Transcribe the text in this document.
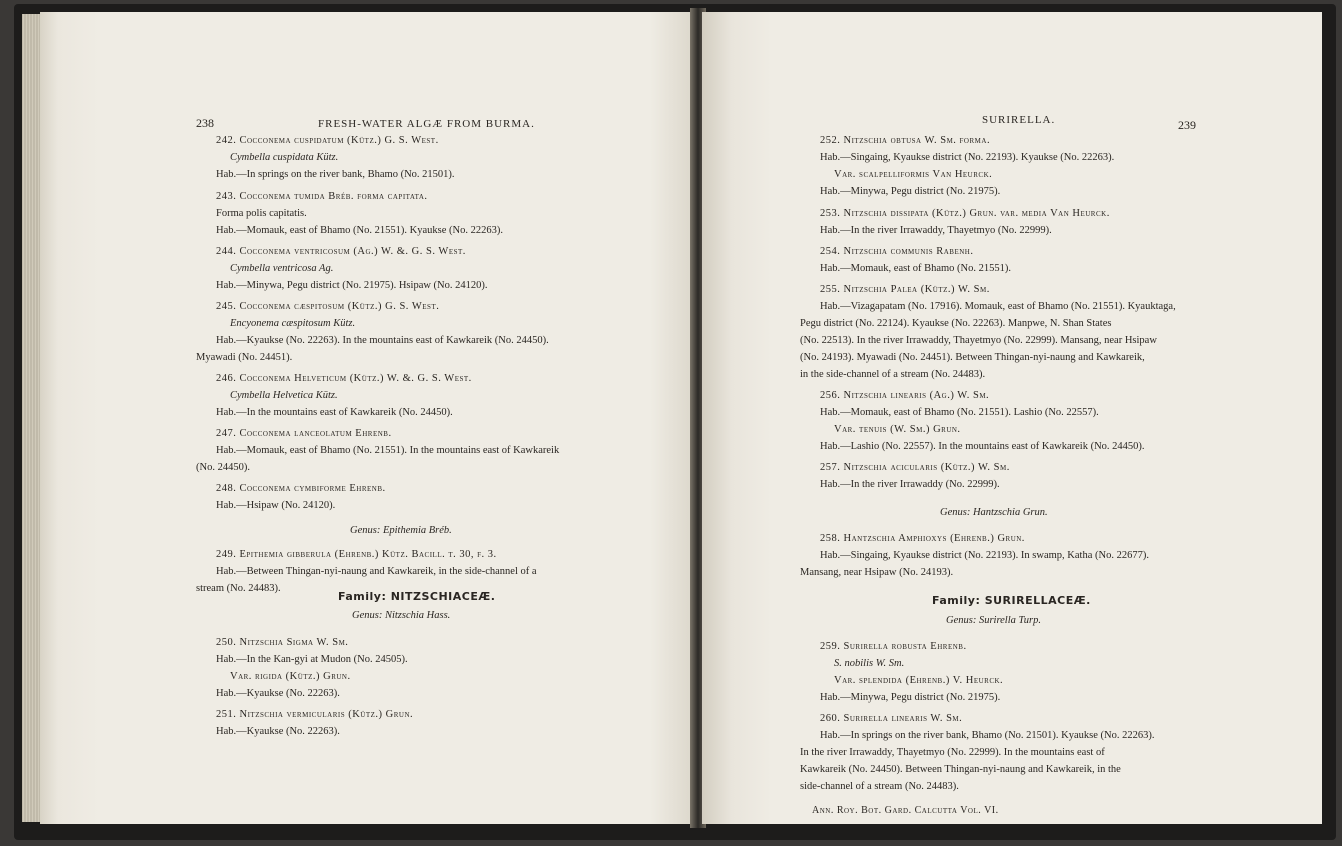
238	FRESH-WATER ALGÆ FROM BURMA.
242. Cocconema cuspidatum (Kütz.) G. S. West.
Cymbella cuspidata Kütz.
Hab.—In springs on the river bank, Bhamo (No. 21501).
243. Cocconema tumida Bréb. forma capitata.
Forma polis capitatis.
Hab.—Momauk, east of Bhamo (No. 21551). Kyaukse (No. 22263).
244. Cocconema ventricosum (Ag.) W. &. G. S. West.
Cymbella ventricosa Ag.
Hab.—Minywa, Pegu district (No. 21975). Hsipaw (No. 24120).
245. Cocconema cæspitosum (Kütz.) G. S. West.
Encyonema cæspitosum Kütz.
Hab.—Kyaukse (No. 22263). In the mountains east of Kawkareik (No. 24450).
Myawadi (No. 24451).
246. Cocconema Helveticum (Kütz.) W. &. G. S. West.
Cymbella Helvetica Kütz.
Hab.—In the mountains east of Kawkareik (No. 24450).
247. Cocconema lanceolatum Ehrenb.
Hab.—Momauk, east of Bhamo (No. 21551). In the mountains east of Kawkareik
(No. 24450).
248. Cocconema cymbiforme Ehrenb.
Hab.—Hsipaw (No. 24120).
Genus: Epithemia Bréb.
249. Epithemia gibberula (Ehrenb.) Kütz. Bacill. t. 30, f. 3.
Hab.—Between Thingan-nyi-naung and Kawkareik, in the side-channel of a
stream (No. 24483).
Family: NITZSCHIACEÆ.
Genus: Nitzschia Hass.
250. Nitzschia Sigma W. Sm.
Hab.—In the Kan-gyi at Mudon (No. 24505).
Var. rigida (Kütz.) Grun.
Hab.—Kyaukse (No. 22263).
251. Nitzschia vermicularis (Kütz.) Grun.
Hab.—Kyaukse (No. 22263).
SURIRELLA.	239
252. Nitzschia obtusa W. Sm. forma.
Hab.—Singaing, Kyaukse district (No. 22193). Kyaukse (No. 22263).
Var. scalpelliformis Van Heurck.
Hab.—Minywa, Pegu district (No. 21975).
253. Nitzschia dissipata (Kütz.) Grun. var. media Van Heurck.
Hab.—In the river Irrawaddy, Thayetmyo (No. 22999).
254. Nitzschia communis Rabenh.
Hab.—Momauk, east of Bhamo (No. 21551).
255. Nitzschia Palea (Kütz.) W. Sm.
Hab.—Vizagapatam (No. 17916). Momauk, east of Bhamo (No. 21551). Kyauktaga,
Pegu district (No. 22124). Kyaukse (No. 22263). Manpwe, N. Shan States
(No. 22513). In the river Irrawaddy, Thayetmyo (No. 22999). Mansang, near Hsipaw
(No. 24193). Myawadi (No. 24451). Between Thingan-nyi-naung and Kawkareik,
in the side-channel of a stream (No. 24483).
256. Nitzschia linearis (Ag.) W. Sm.
Hab.—Momauk, east of Bhamo (No. 21551). Lashio (No. 22557).
Var. tenuis (W. Sm.) Grun.
Hab.—Lashio (No. 22557). In the mountains east of Kawkareik (No. 24450).
257. Nitzschia acicularis (Kütz.) W. Sm.
Hab.—In the river Irrawaddy (No. 22999).
Genus: Hantzschia Grun.
258. Hantzschia Amphioxys (Ehrenb.) Grun.
Hab.—Singaing, Kyaukse district (No. 22193). In swamp, Katha (No. 22677).
Mansang, near Hsipaw (No. 24193).
Family: SURIRELLACEÆ.
Genus: Surirella Turp.
259. Surirella robusta Ehrenb.
S. nobilis W. Sm.
Var. splendida (Ehrenb.) V. Heurck.
Hab.—Minywa, Pegu district (No. 21975).
260. Surirella linearis W. Sm.
Hab.—In springs on the river bank, Bhamo (No. 21501). Kyaukse (No. 22263).
In the river Irrawaddy, Thayetmyo (No. 22999). In the mountains east of
Kawkareik (No. 24450). Between Thingan-nyi-naung and Kawkareik, in the
side-channel of a stream (No. 24483).
Ann. Roy. Bot. Gard. Calcutta Vol. VI.
